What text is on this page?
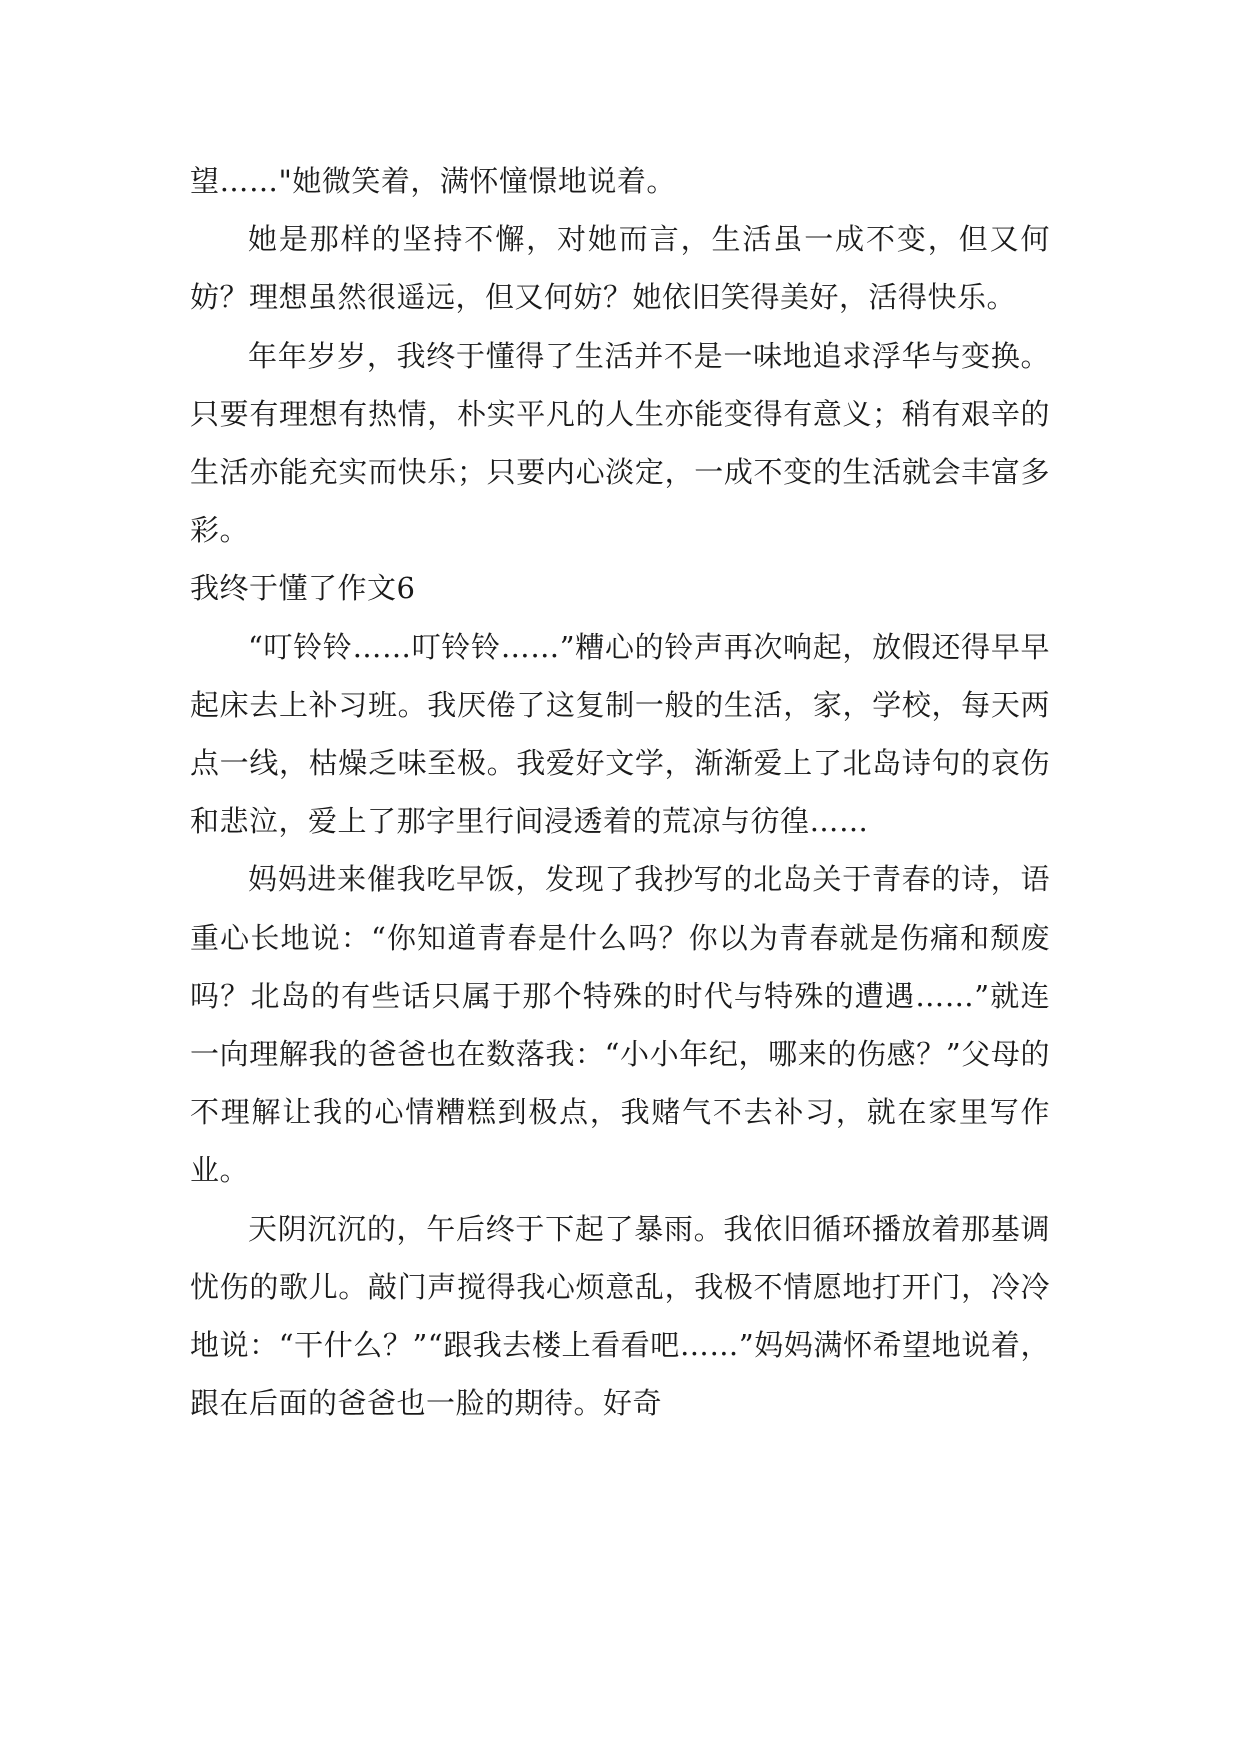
望……"她微笑着，满怀憧憬地说着。

她是那样的坚持不懈，对她而言，生活虽一成不变，但又何妨？理想虽然很遥远，但又何妨？她依旧笑得美好，活得快乐。

年年岁岁，我终于懂得了生活并不是一味地追求浮华与变换。只要有理想有热情，朴实平凡的人生亦能变得有意义；稍有艰辛的生活亦能充实而快乐；只要内心淡定，一成不变的生活就会丰富多彩。

我终于懂了作文6

“叮铃铃……叮铃铃……”糟心的铃声再次响起，放假还得早早起床去上补习班。我厌倦了这复制一般的生活，家，学校，每天两点一线，枯燥乏味至极。我爱好文学，渐渐爱上了北岛诗句的哀伤和悲泣，爱上了那字里行间浸透着的荒凉与彷徨……

妈妈进来催我吃早饭，发现了我抄写的北岛关于青春的诗，语重心长地说：“你知道青春是什么吗？你以为青春就是伤痛和颓废吗？北岛的有些话只属于那个特殊的时代与特殊的遭遇……”就连一向理解我的爸爸也在数落我：“小小年纪，哪来的伤感？”父母的不理解让我的心情糟糕到极点，我赌气不去补习，就在家里写作业。

天阴沉沉的，午后终于下起了暴雨。我依旧循环播放着那基调忧伤的歌儿。敲门声搅得我心烦意乱，我极不情愿地打开门，冷冷地说：“干什么？”“跟我去楼上看看吧……”妈妈满怀希望地说着，跟在后面的爸爸也一脸的期待。好奇
